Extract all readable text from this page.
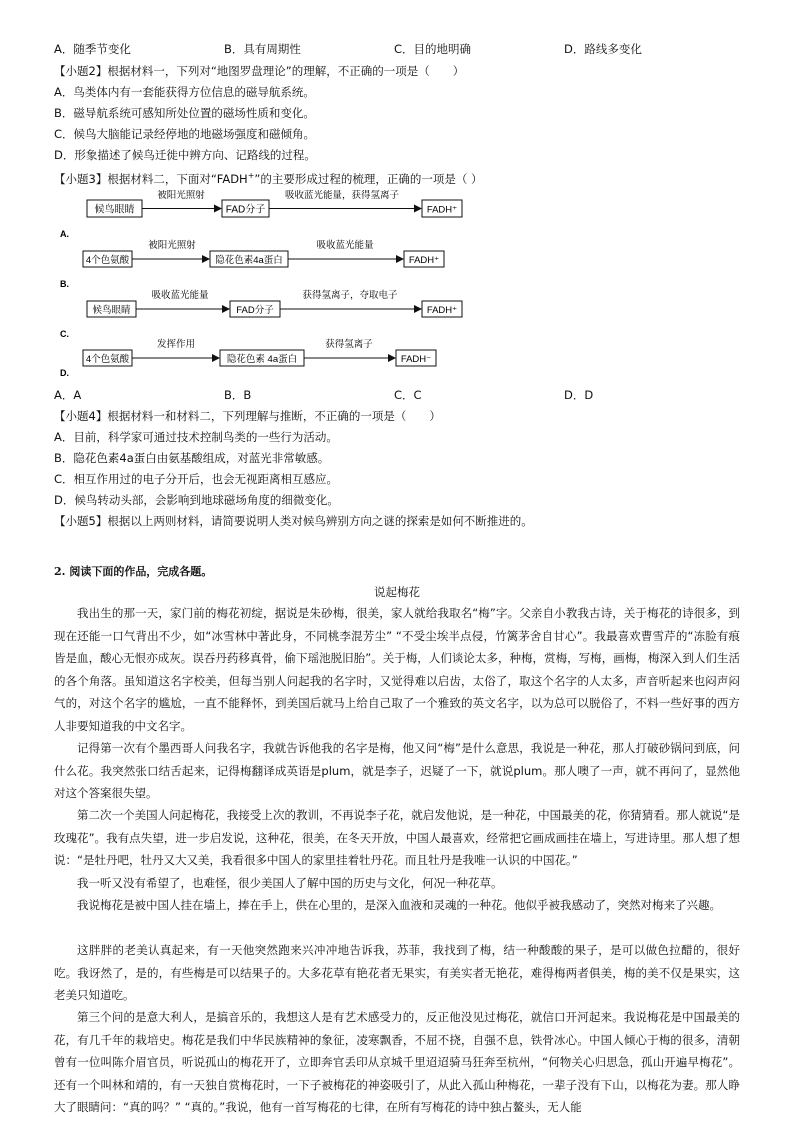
A．随季节变化	B．具有周期性	C．目的地明确	D．路线多变化
【小题2】根据材料一，下列对“地图罗盘理论”的理解，不正确的一项是（　　）
A．鸟类体内有一套能获得方位信息的磁导航系统。
B．磁导航系统可感知所处位置的磁场性质和变化。
C．候鸟大脑能记录经停地的地磁场强度和磁倾角。
D．形象描述了候鸟迁徙中辨方向、记路线的过程。
【小题3】根据材料二，下面对“FADH+”的主要形成过程的梳理，正确的一项是（ ）
候鸟眼睛
被阳光照射
FAD分子
吸收蓝光能量，获得氢离子
FADH⁺
A.
4个色氨酸
被阳光照射
隐花色素4a蛋白
吸收蓝光能量
FADH⁺
B.
候鸟眼睛
吸收蓝光能量
FAD分子
获得氢离子，夺取电子
FADH⁺
C.
4个色氨酸
发挥作用
隐花色素 4a蛋白
获得氢离子
FADH⁻
D.
A．A	B．B	C．C	D．D
【小题4】根据材料一和材料二，下列理解与推断，不正确的一项是（　　）
A．目前，科学家可通过技术控制鸟类的一些行为活动。
B．隐花色素4a蛋白由氨基酸组成，对蓝光非常敏感。
C．相互作用过的电子分开后，也会无视距离相互感应。
D．候鸟转动头部，会影响到地球磁场角度的细微变化。
【小题5】根据以上两则材料，请简要说明人类对候鸟辨别方向之谜的探索是如何不断推进的。
2. 阅读下面的作品，完成各题。
说起梅花
我出生的那一天，家门前的梅花初绽，据说是朱砂梅，很美，家人就给我取名“梅”字。父亲自小教我古诗，关于梅花的诗很多，到现在还能一口气背出不少，如“冰雪林中著此身，不同桃李混芳尘” “不受尘埃半点侵，竹篱茅舍自甘心”。我最喜欢曹雪芹的“冻脸有痕皆是血，酸心无恨亦成灰。误吞丹药移真骨，偷下瑶池脱旧胎”。关于梅，人们谈论太多，种梅，赏梅，写梅，画梅，梅深入到人们生活的各个角落。虽知道这名字校美，但每当别人问起我的名字时，又觉得难以启齿，太俗了，取这个名字的人太多，声音听起来也闷声闷气的，对这个名字的尴尬，一直不能释怀，到美国后就马上给自己取了一个雅致的英文名字，以为总可以脱俗了，不料一些好事的西方人非要知道我的中文名字。
记得第一次有个墨西哥人问我名字，我就告诉他我的名字是梅，他又问“梅”是什么意思，我说是一种花，那人打破砂锅问到底，问什么花。我突然张口结舌起来，记得梅翻译成英语是plum，就是李子，迟疑了一下，就说plum。那人噢了一声，就不再问了，显然他对这个答案很失望。
第二次一个美国人问起梅花，我接受上次的教训，不再说李子花，就启发他说，是一种花，中国最美的花，你猜猜看。那人就说“是玫瑰花”。我有点失望，进一步启发说，这种花，很美，在冬天开放，中国人最喜欢，经常把它画成画挂在墙上，写进诗里。那人想了想说：“是牡丹吧，牡丹又大又美，我看很多中国人的家里挂着牡丹花。而且牡丹是我唯一认识的中国花。”
我一听又没有希望了，也难怪，很少美国人了解中国的历史与文化，何况一种花草。
我说梅花是被中国人挂在墙上，捧在手上，供在心里的，是深入血液和灵魂的一种花。他似乎被我感动了，突然对梅来了兴趣。
这胖胖的老美认真起来，有一天他突然跑来兴冲冲地告诉我，苏菲，我找到了梅，结一种酸酸的果子，是可以做色拉醋的，很好吃。我讶然了，是的，有些梅是可以结果子的。大多花草有艳花者无果实，有美实者无艳花，难得梅两者俱美，梅的美不仅是果实，这老美只知道吃。
第三个问的是意大利人，是搞音乐的，我想这人是有艺术感受力的，反正他没见过梅花，就信口开河起来。我说梅花是中国最美的花，有几千年的栽培史。梅花是我们中华民族精神的象征，凌寒飘香，不屈不挠，自强不息，铁骨冰心。中国人倾心于梅的很多，清朝曾有一位叫陈介眉官员，听说孤山的梅花开了，立即奔官丢印从京城千里迢迢骑马狂奔至杭州，“何物关心归思急，孤山开遍早梅花”。还有一个叫林和靖的，有一天独自赏梅花时，一下子被梅花的神姿吸引了，从此入孤山种梅花，一辈子没有下山，以梅花为妻。那人睁大了眼睛问：“真的吗？” “真的。”我说，他有一首写梅花的七律，在所有写梅花的诗中独占鳌头，无人能
